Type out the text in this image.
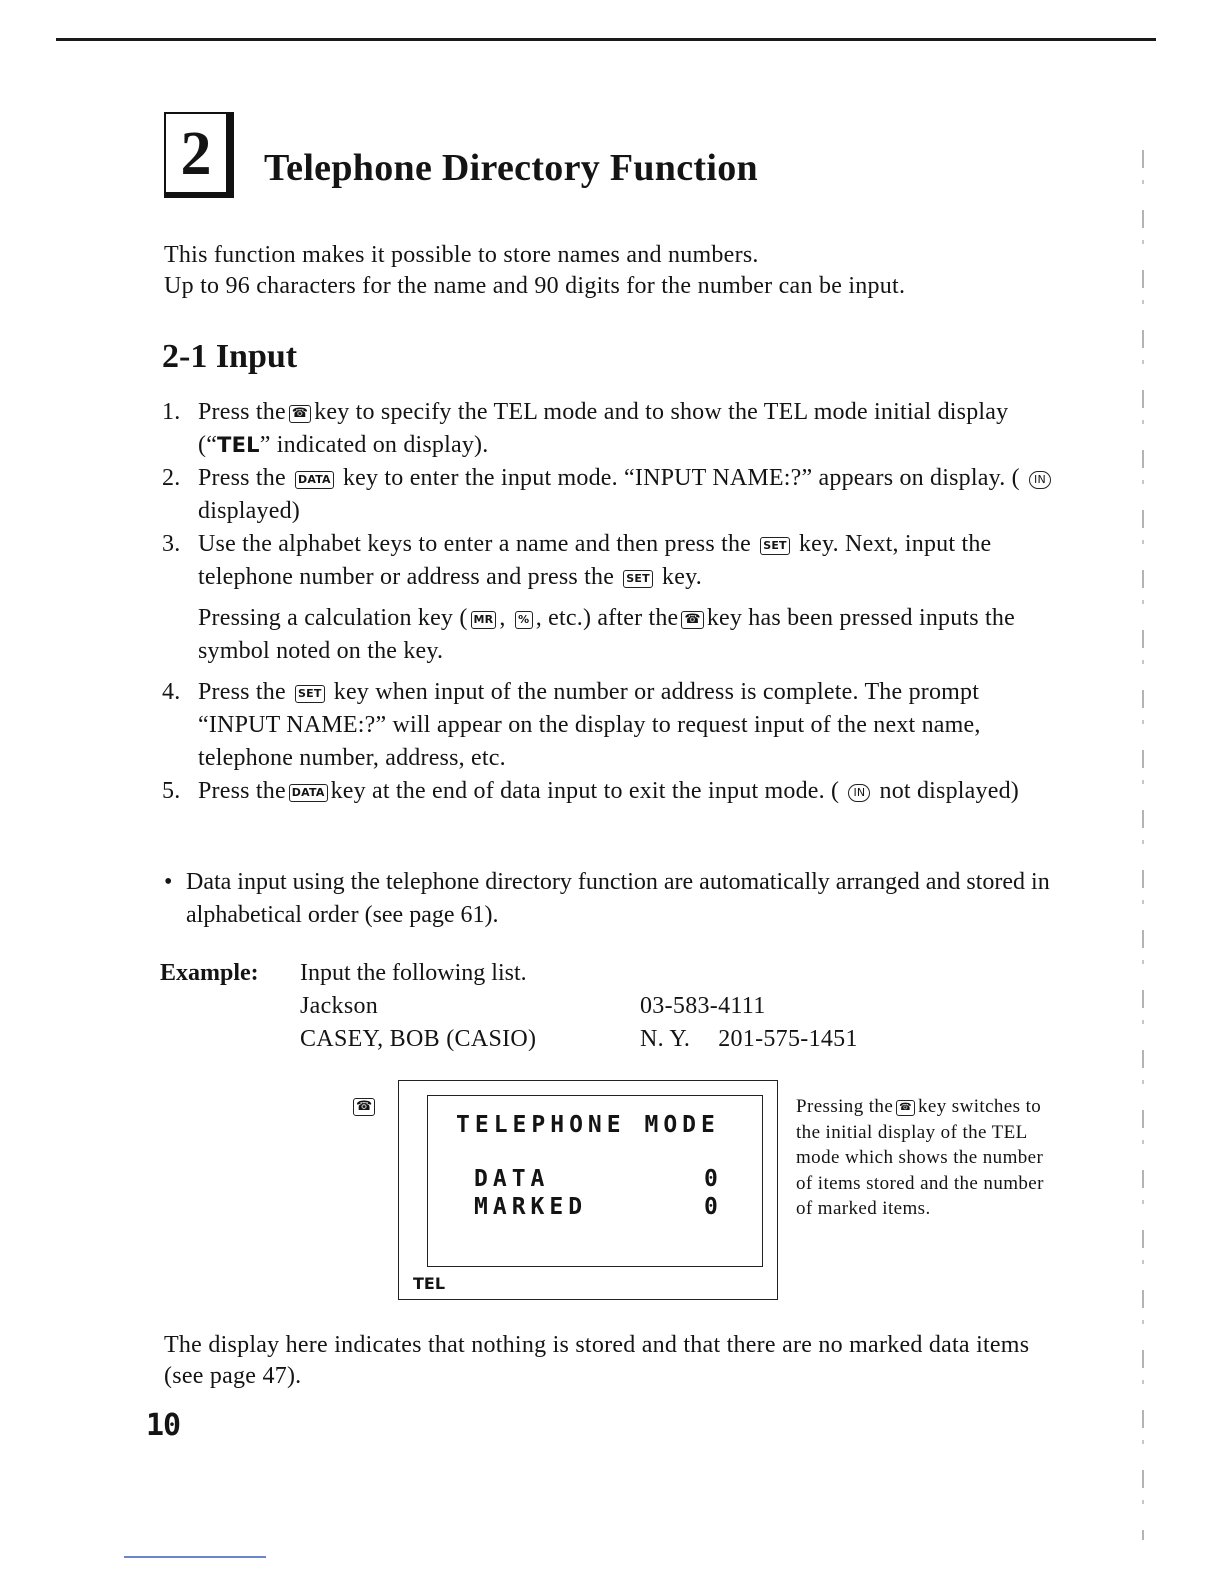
2	Telephone Directory Function
This function makes it possible to store names and numbers.
Up to 96 characters for the name and 90 digits for the number can be input.
2-1 Input
1. Press the ☎ key to specify the TEL mode and to show the TEL mode initial display (“TEL” indicated on display).
2. Press the DATA key to enter the input mode. “INPUT NAME:?” appears on display. ( IN displayed)
3. Use the alphabet keys to enter a name and then press the SET key. Next, input the telephone number or address and press the SET key.
Pressing a calculation key ( MR , % , etc.) after the ☎ key has been pressed inputs the symbol noted on the key.
4. Press the SET key when input of the number or address is complete. The prompt “INPUT NAME:?” will appear on the display to request input of the next name, telephone number, address, etc.
5. Press the DATA key at the end of data input to exit the input mode. ( IN not displayed)
• Data input using the telephone directory function are automatically arranged and stored in alphabetical order (see page 61).
Example: Input the following list.
Jackson	03-583-4111
CASEY, BOB (CASIO)	N. Y. 201-575-1451
☎
TELEPHONE MODE
DATA	0
MARKED	0
TEL
Pressing the ☎ key switches to the initial display of the TEL mode which shows the number of items stored and the number of marked items.
The display here indicates that nothing is stored and that there are no marked data items (see page 47).
10
